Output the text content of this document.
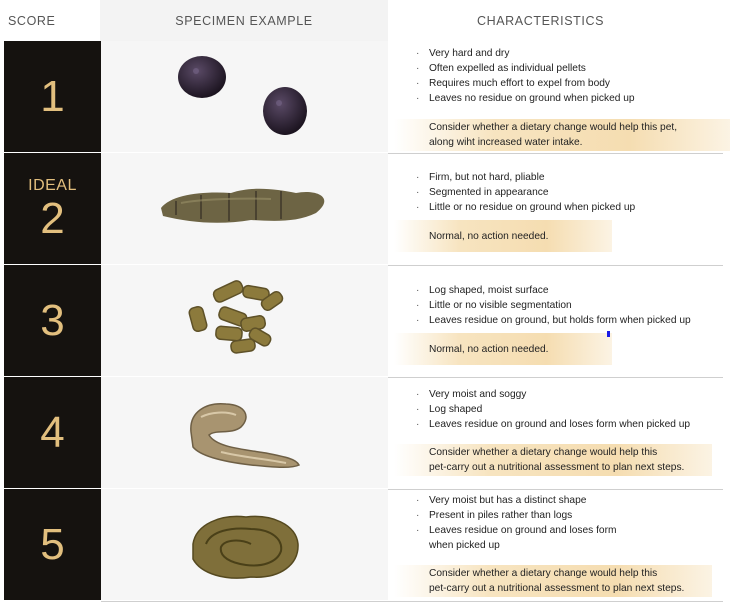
SCORE	SPECIMEN EXAMPLE	CHARACTERISTICS
1
· Very hard and dry
· Often expelled as individual pellets
· Requires much effort to expel from body
· Leaves no residue on ground when picked up
Consider whether a dietary change would help this pet,
along wiht increased water intake.
IDEAL
2
· Firm, but not hard, pliable
· Segmented in appearance
· Little or no residue on ground when picked up
Normal, no action needed.
3
· Log shaped, moist surface
· Little or no visible segmentation
· Leaves residue on ground, but holds form when picked up
Normal, no action needed.
4
· Very moist and soggy
· Log shaped
· Leaves residue on ground and loses form when picked up
Consider whether a dietary change would help this
pet-carry out a nutritional assessment to plan next steps.
5
· Very moist but has a distinct shape
· Present in piles rather than logs
· Leaves residue on ground and loses form
when picked up
Consider whether a dietary change would help this
pet-carry out a nutritional assessment to plan next steps.
